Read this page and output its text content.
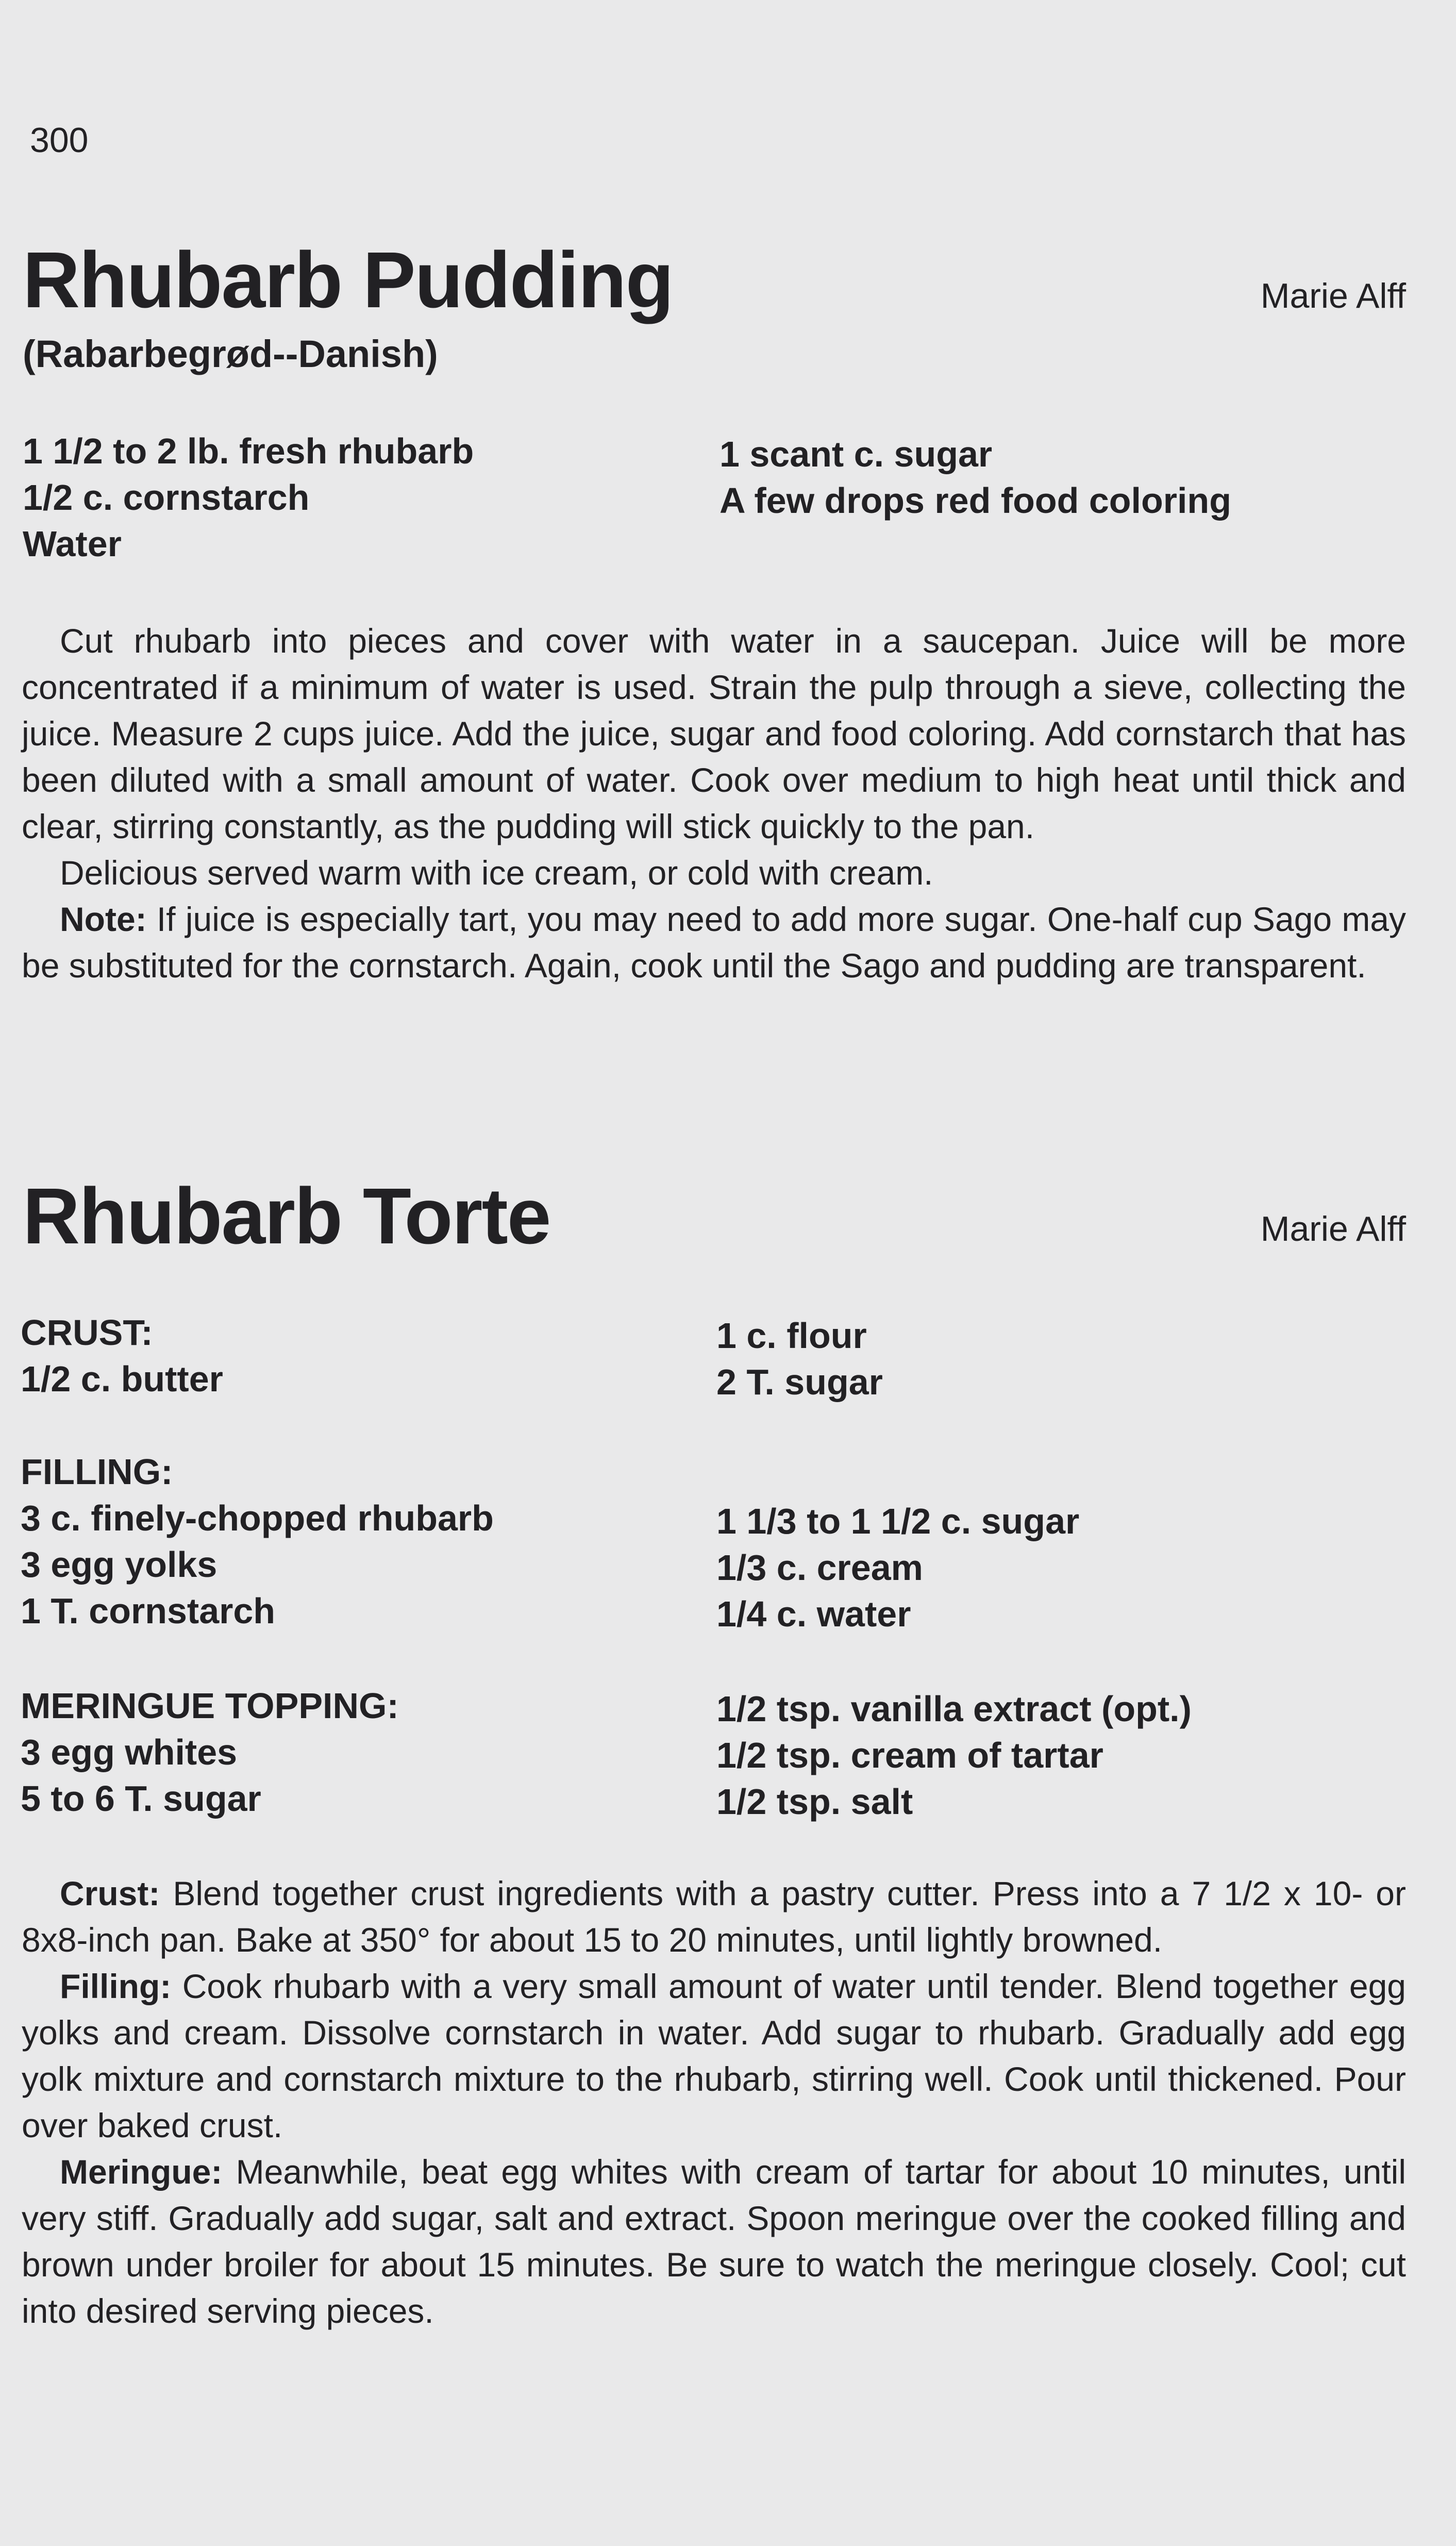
300
Rhubarb Pudding	Marie Alff
(Rabarbegrød--Danish)
1 1/2 to 2 lb. fresh rhubarb
1/2 c. cornstarch
Water
1 scant c. sugar
A few drops red food coloring

Cut rhubarb into pieces and cover with water in a saucepan. Juice will be more concentrated if a minimum of water is used. Strain the pulp through a sieve, collecting the juice. Measure 2 cups juice. Add the juice, sugar and food coloring. Add cornstarch that has been diluted with a small amount of water. Cook over medium to high heat until thick and clear, stirring constantly, as the pudding will stick quickly to the pan.

Delicious served warm with ice cream, or cold with cream.

Note: If juice is especially tart, you may need to add more sugar. One-half cup Sago may be substituted for the cornstarch. Again, cook until the Sago and pudding are transparent.

Rhubarb Torte	Marie Alff
CRUST:
1/2 c. butter
1 c. flour
2 T. sugar
FILLING:
3 c. finely-chopped rhubarb
3 egg yolks
1 T. cornstarch
1 1/3 to 1 1/2 c. sugar
1/3 c. cream
1/4 c. water
MERINGUE TOPPING:
3 egg whites
5 to 6 T. sugar
1/2 tsp. vanilla extract (opt.)
1/2 tsp. cream of tartar
1/2 tsp. salt

Crust: Blend together crust ingredients with a pastry cutter. Press into a 7 1/2 x 10- or 8x8-inch pan. Bake at 350° for about 15 to 20 minutes, until lightly browned.

Filling: Cook rhubarb with a very small amount of water until tender. Blend together egg yolks and cream. Dissolve cornstarch in water. Add sugar to rhubarb. Gradually add egg yolk mixture and cornstarch mixture to the rhubarb, stirring well. Cook until thickened. Pour over baked crust.

Meringue: Meanwhile, beat egg whites with cream of tartar for about 10 minutes, until very stiff. Gradually add sugar, salt and extract. Spoon meringue over the cooked filling and brown under broiler for about 15 minutes. Be sure to watch the meringue closely. Cool; cut into desired serving pieces.
